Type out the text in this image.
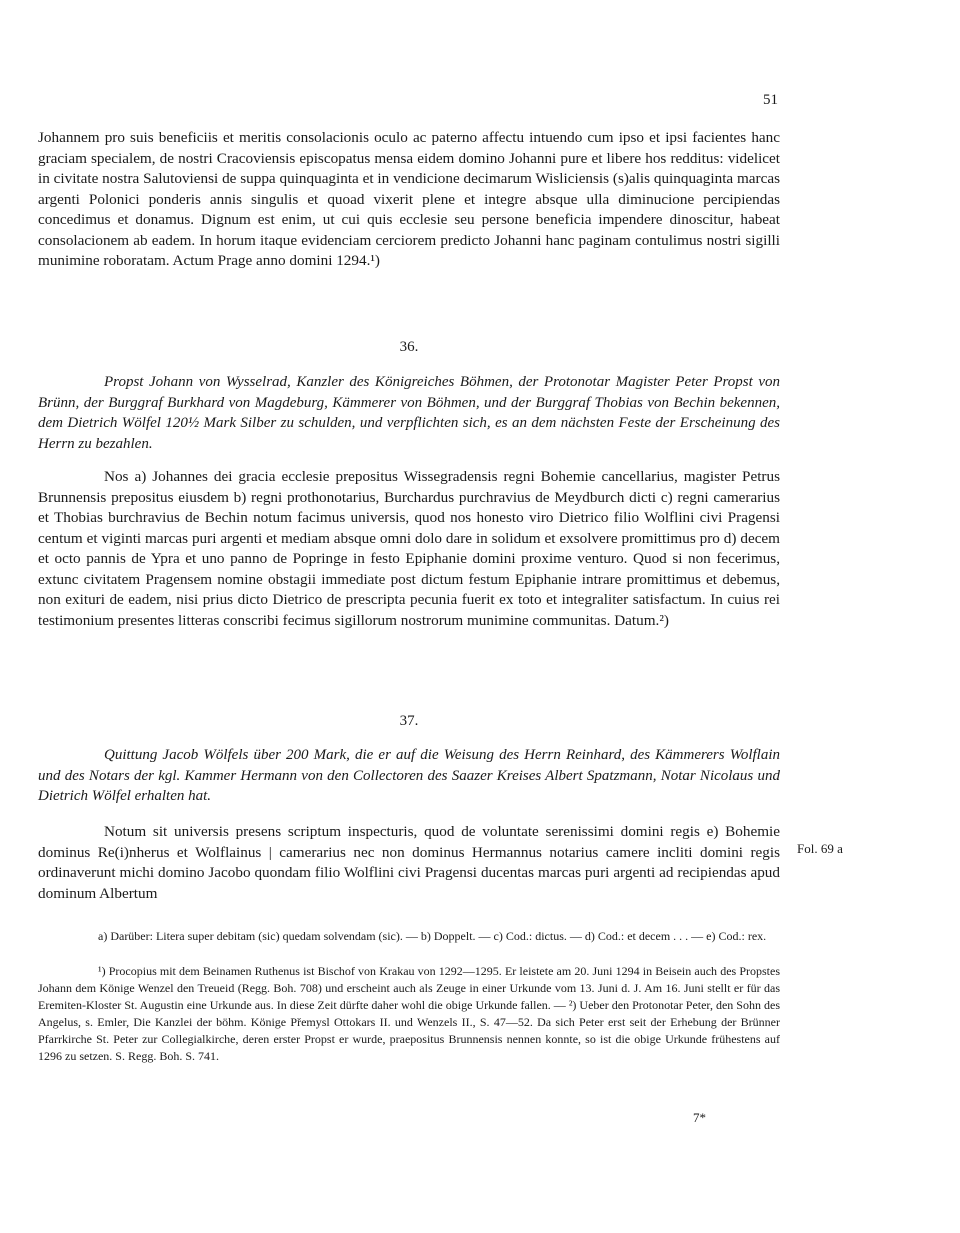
51

Johannem pro suis beneficiis et meritis consolacionis oculo ac paterno affectu intuendo cum ipso et ipsi facientes hanc graciam specialem, de nostri Cracoviensis episcopatus mensa eidem domino Johanni pure et libere hos redditus: videlicet in civitate nostra Salutoviensi de suppa quinquaginta et in vendicione decimarum Wisliciensis (s)alis quinquaginta marcas argenti Polonici ponderis annis singulis et quoad vixerit plene et integre absque ulla diminucione percipiendas concedimus et donamus. Dignum est enim, ut cui quis ecclesie seu persone beneficia impendere dinoscitur, habeat consolacionem ab eadem. In horum itaque evidenciam cerciorem predicto Johanni hanc paginam contulimus nostri sigilli munimine roboratam. Actum Prage anno domini 1294.¹)

36.

Propst Johann von Wysselrad, Kanzler des Königreiches Böhmen, der Protonotar Magister Peter Propst von Brünn, der Burggraf Burkhard von Magdeburg, Kämmerer von Böhmen, und der Burggraf Thobias von Bechin bekennen, dem Dietrich Wölfel 120½ Mark Silber zu schulden, und verpflichten sich, es an dem nächsten Feste der Erscheinung des Herrn zu bezahlen.

Nos a) Johannes dei gracia ecclesie prepositus Wissegradensis regni Bohemie cancellarius, magister Petrus Brunnensis prepositus eiusdem b) regni prothonotarius, Burchardus purchravius de Meydburch dicti c) regni camerarius et Thobias burchravius de Bechin notum facimus universis, quod nos honesto viro Dietrico filio Wolflini civi Pragensi centum et viginti marcas puri argenti et mediam absque omni dolo dare in solidum et exsolvere promittimus pro d) decem et octo pannis de Ypra et uno panno de Popringe in festo Epiphanie domini proxime venturo. Quod si non fecerimus, extunc civitatem Pragensem nomine obstagii immediate post dictum festum Epiphanie intrare promittimus et debemus, non exituri de eadem, nisi prius dicto Dietrico de prescripta pecunia fuerit ex toto et integraliter satisfactum. In cuius rei testimonium presentes litteras conscribi fecimus sigillorum nostrorum munimine communitas. Datum.²)

37.

Quittung Jacob Wölfels über 200 Mark, die er auf die Weisung des Herrn Reinhard, des Kämmerers Wolflain und des Notars der kgl. Kammer Hermann von den Collectoren des Saazer Kreises Albert Spatzmann, Notar Nicolaus und Dietrich Wölfel erhalten hat.

Notum sit universis presens scriptum inspecturis, quod de voluntate serenissimi domini regis e) Bohemie dominus Re(i)nherus et Wolflainus | camerarius nec non dominus Hermannus notarius camere incliti domini regis ordinaverunt michi domino Jacobo quondam filio Wolflini civi Pragensi ducentas marcas puri argenti ad recipiendas apud dominum Albertum

Fol. 69 a

a) Darüber: Litera super debitam (sic) quedam solvendam (sic). — b) Doppelt. — c) Cod.: dictus. — d) Cod.: et decem . . . — e) Cod.: rex.

¹) Procopius mit dem Beinamen Ruthenus ist Bischof von Krakau von 1292—1295. Er leistete am 20. Juni 1294 in Beisein auch des Propstes Johann dem Könige Wenzel den Treueid (Regg. Boh. 708) und erscheint auch als Zeuge in einer Urkunde vom 13. Juni d. J. Am 16. Juni stellt er für das Eremiten-Kloster St. Augustin eine Urkunde aus. In diese Zeit dürfte daher wohl die obige Urkunde fallen. — ²) Ueber den Protonotar Peter, den Sohn des Angelus, s. Emler, Die Kanzlei der böhm. Könige Přemysl Ottokars II. und Wenzels II., S. 47—52. Da sich Peter erst seit der Erhebung der Brünner Pfarrkirche St. Peter zur Collegialkirche, deren erster Propst er wurde, praepositus Brunnensis nennen konnte, so ist die obige Urkunde frühestens auf 1296 zu setzen. S. Regg. Boh. S. 741.

7*
